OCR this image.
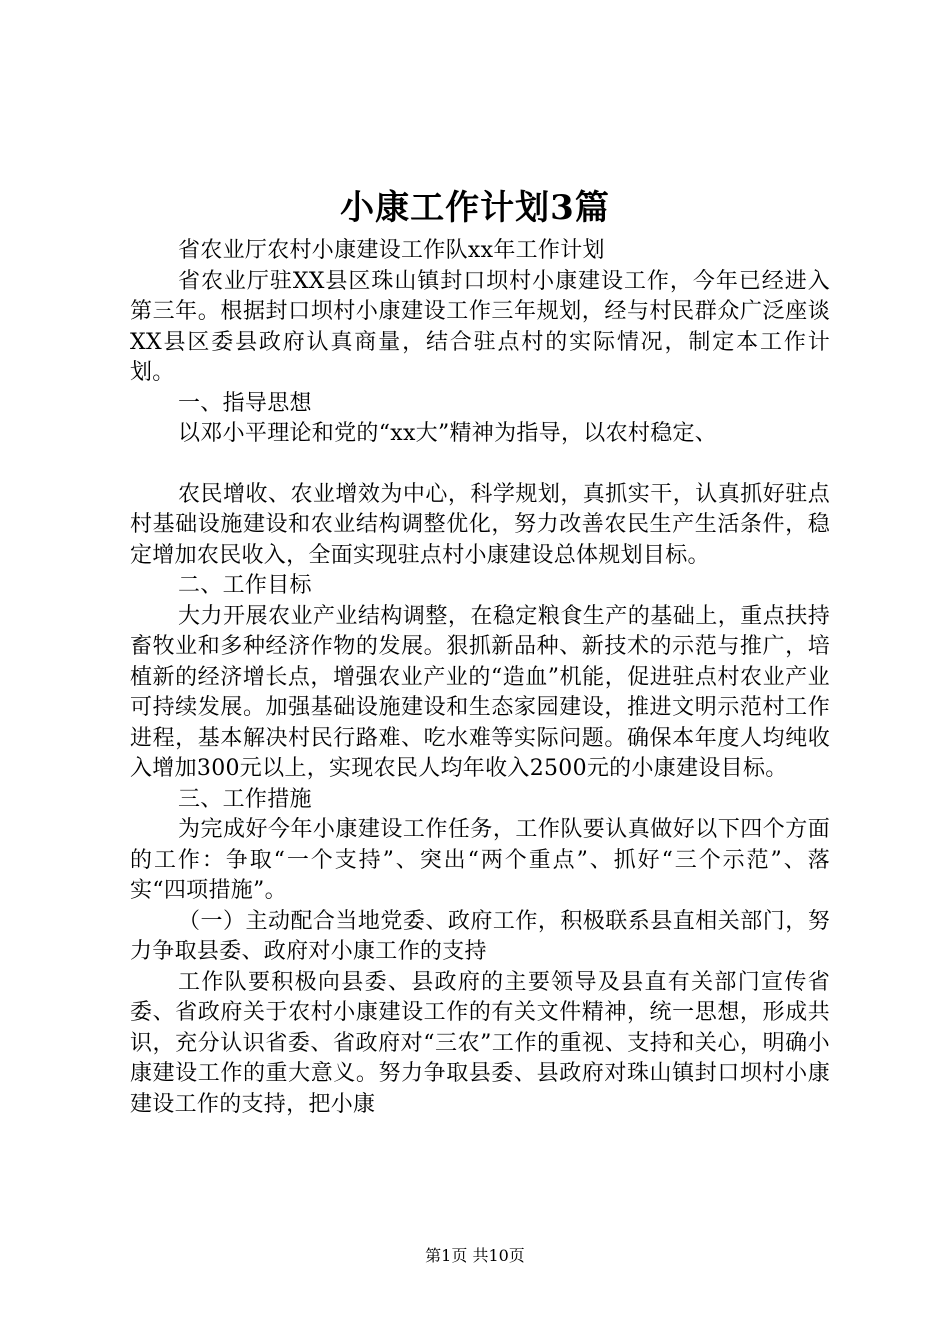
小康工作计划3篇

省农业厅农村小康建设工作队xx年工作计划

省农业厅驻XX县区珠山镇封口坝村小康建设工作，今年已经进入第三年。根据封口坝村小康建设工作三年规划，经与村民群众广泛座谈XX县区委县政府认真商量，结合驻点村的实际情况，制定本工作计划。

一、指导思想

以邓小平理论和党的“xx大”精神为指导，以农村稳定、

农民增收、农业增效为中心，科学规划，真抓实干，认真抓好驻点村基础设施建设和农业结构调整优化，努力改善农民生产生活条件，稳定增加农民收入，全面实现驻点村小康建设总体规划目标。

二、工作目标

大力开展农业产业结构调整，在稳定粮食生产的基础上，重点扶持畜牧业和多种经济作物的发展。狠抓新品种、新技术的示范与推广，培植新的经济增长点，增强农业产业的“造血”机能，促进驻点村农业产业可持续发展。加强基础设施建设和生态家园建设，推进文明示范村工作进程，基本解决村民行路难、吃水难等实际问题。确保本年度人均纯收入增加300元以上，实现农民人均年收入2500元的小康建设目标。

三、工作措施

为完成好今年小康建设工作任务，工作队要认真做好以下四个方面的工作：争取“一个支持”、突出“两个重点”、抓好“三个示范”、落实“四项措施”。

（一）主动配合当地党委、政府工作，积极联系县直相关部门，努力争取县委、政府对小康工作的支持

工作队要积极向县委、县政府的主要领导及县直有关部门宣传省委、省政府关于农村小康建设工作的有关文件精神，统一思想，形成共识，充分认识省委、省政府对“三农”工作的重视、支持和关心，明确小康建设工作的重大意义。努力争取县委、县政府对珠山镇封口坝村小康建设工作的支持，把小康

第1页 共10页
